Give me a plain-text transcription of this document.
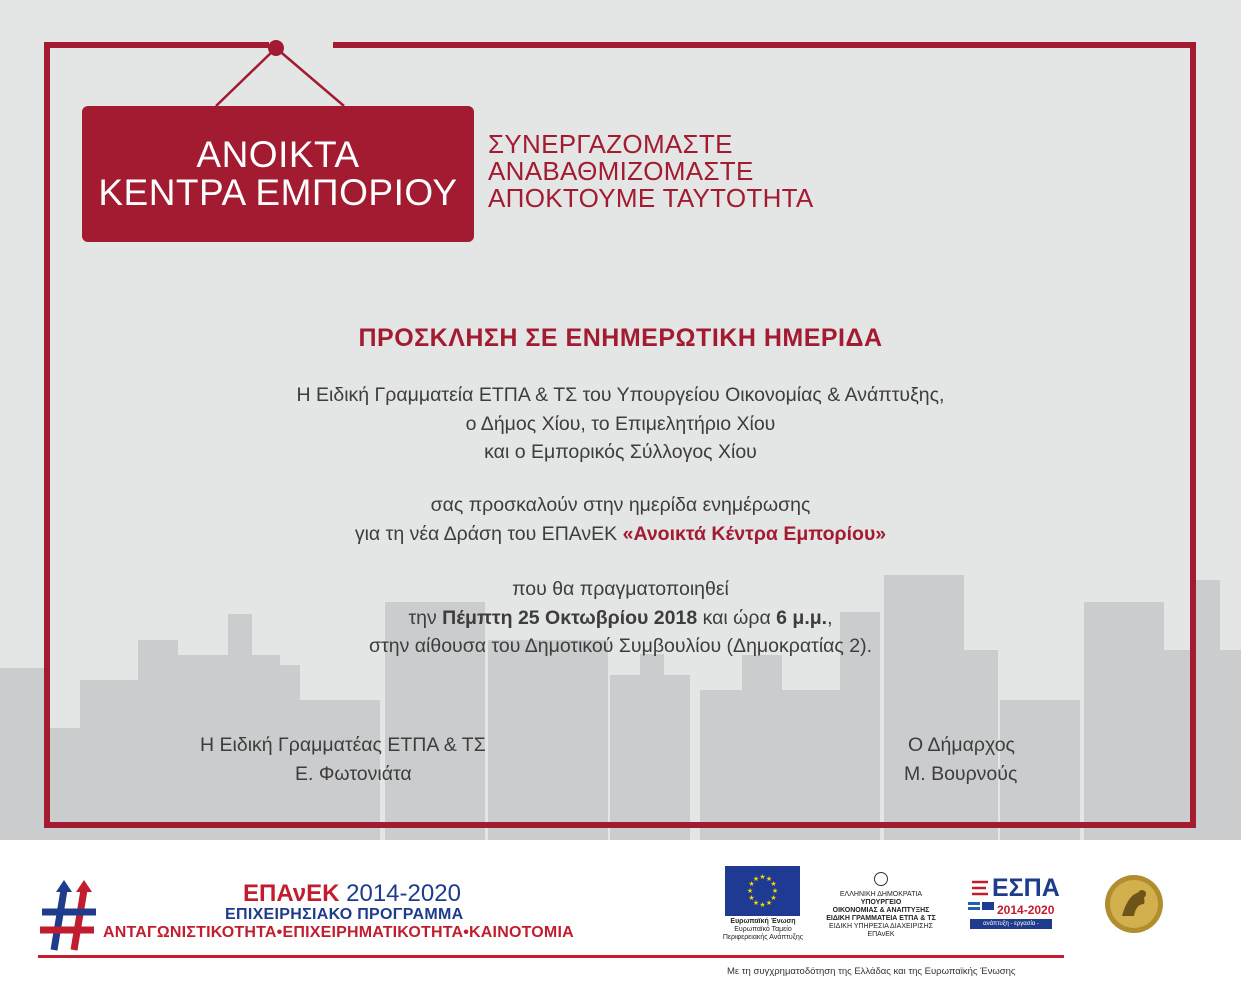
ΑΝΟΙΚΤΑ
ΚΕΝΤΡΑ ΕΜΠΟΡΙΟΥ
ΣΥΝΕΡΓΑΖΟΜΑΣΤΕ
ΑΝΑΒΑΘΜΙΖΟΜΑΣΤΕ
ΑΠΟΚΤΟΥΜΕ ΤΑΥΤΟΤΗΤΑ
ΠΡΟΣΚΛΗΣΗ ΣΕ ΕΝΗΜΕΡΩΤΙΚΗ ΗΜΕΡΙΔΑ
Η Ειδική Γραμματεία ΕΤΠΑ & ΤΣ του Υπουργείου Οικονομίας & Ανάπτυξης,
ο Δήμος Χίου, το Επιμελητήριο Χίου
και ο Εμπορικός Σύλλογος Χίου
σας προσκαλούν στην ημερίδα ενημέρωσης
για τη νέα Δράση του ΕΠΑνΕΚ «Ανοικτά Κέντρα Εμπορίου»
που θα πραγματοποιηθεί
την Πέμπτη 25 Οκτωβρίου 2018 και ώρα 6 μ.μ.,
στην αίθουσα του Δημοτικού Συμβουλίου (Δημοκρατίας 2).
Η Ειδική Γραμματέας ΕΤΠΑ & ΤΣ
Ε. Φωτονιάτα
Ο Δήμαρχος
Μ. Βουρνούς
ΕΠΑνΕΚ 2014-2020
ΕΠΙΧΕΙΡΗΣΙΑΚΟ ΠΡΟΓΡΑΜΜΑ
ΑΝΤΑΓΩΝΙΣΤΙΚΟΤΗΤΑ•ΕΠΙΧΕΙΡΗΜΑΤΙΚΟΤΗΤΑ•ΚΑΙΝΟΤΟΜΙΑ
★ ★
★
★
★
★
★
★
★
★
★
★
Ευρωπαϊκή Ένωση
Ευρωπαϊκό Ταμείο
Περιφερειακής Ανάπτυξης
ΕΛΛΗΝΙΚΗ ΔΗΜΟΚΡΑΤΙΑ
ΥΠΟΥΡΓΕΙΟ
ΟΙΚΟΝΟΜΙΑΣ & ΑΝΑΠΤΥΞΗΣ
ΕΙΔΙΚΗ ΓΡΑΜΜΑΤΕΙΑ ΕΤΠΑ & ΤΣ
ΕΙΔΙΚΗ ΥΠΗΡΕΣΙΑ ΔΙΑΧΕΙΡΙΣΗΣ ΕΠΑνΕΚ
ΕΣΠΑ
2014-2020
ανάπτυξη - εργασία - αλληλεγγύη
Με τη συγχρηματοδότηση της Ελλάδας και της Ευρωπαϊκής Ένωσης
